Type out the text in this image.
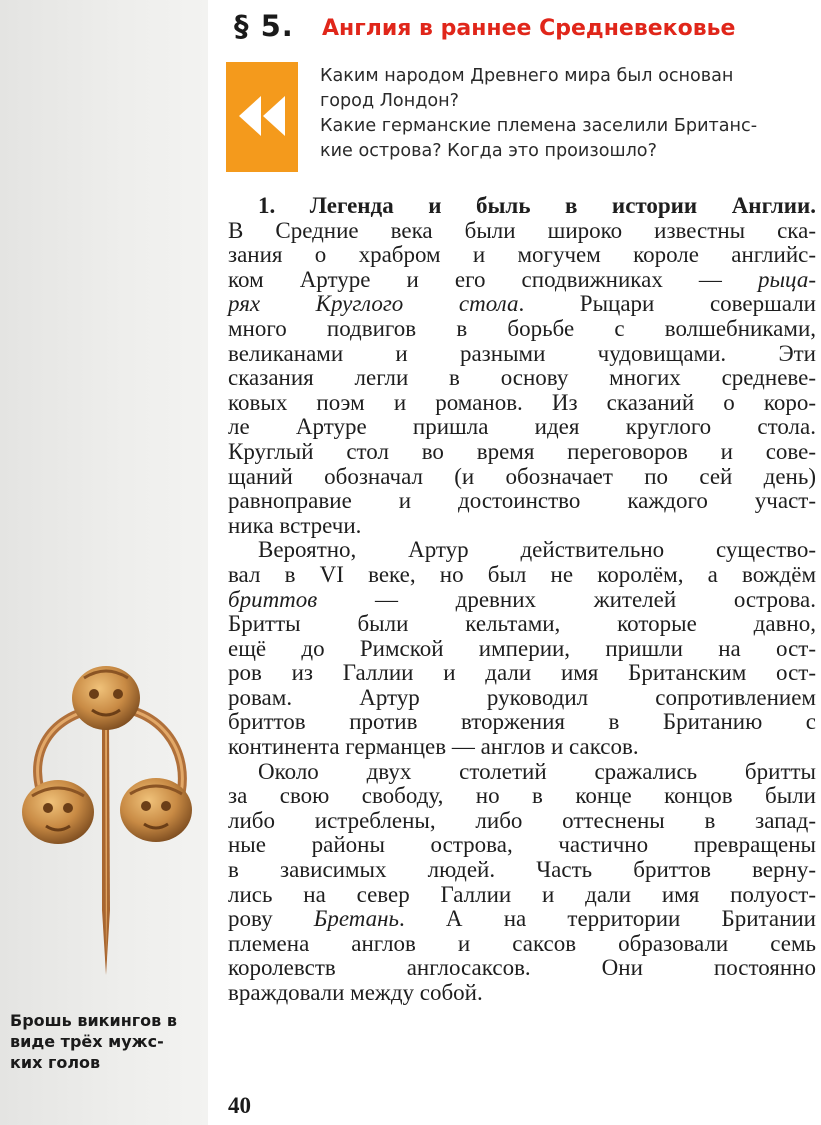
§ 5. Англия в раннее Средневековье
Каким народом Древнего мира был основан
город Лондон?
Какие германские племена заселили Британс-
кие острова? Когда это произошло?
1. Легенда и быль в истории Англии.
В Средние века были широко известны ска-
зания о храбром и могучем короле английс-
ком Артуре и его сподвижниках — рыца-
рях Круглого стола. Рыцари совершали
много подвигов в борьбе с волшебниками,
великанами и разными чудовищами. Эти
сказания легли в основу многих средневе-
ковых поэм и романов. Из сказаний о коро-
ле Артуре пришла идея круглого стола.
Круглый стол во время переговоров и сове-
щаний обозначал (и обозначает по сей день)
равноправие и достоинство каждого участ-
ника встречи.
Вероятно, Артур действительно существо-
вал в VI веке, но был не королём, а вождём
бриттов — древних жителей острова.
Бритты были кельтами, которые давно,
ещё до Римской империи, пришли на ост-
ров из Галлии и дали имя Британским ост-
ровам. Артур руководил сопротивлением
бриттов против вторжения в Британию с
континента германцев — англов и саксов.
Около двух столетий сражались бритты
за свою свободу, но в конце концов были
либо истреблены, либо оттеснены в запад-
ные районы острова, частично превращены
в зависимых людей. Часть бриттов верну-
лись на север Галлии и дали имя полуост-
рову Бретань. А на территории Британии
племена англов и саксов образовали семь
королевств англосаксов. Они постоянно
враждовали между собой.
Брошь викингов в
виде трёх мужс-
ких голов
40
